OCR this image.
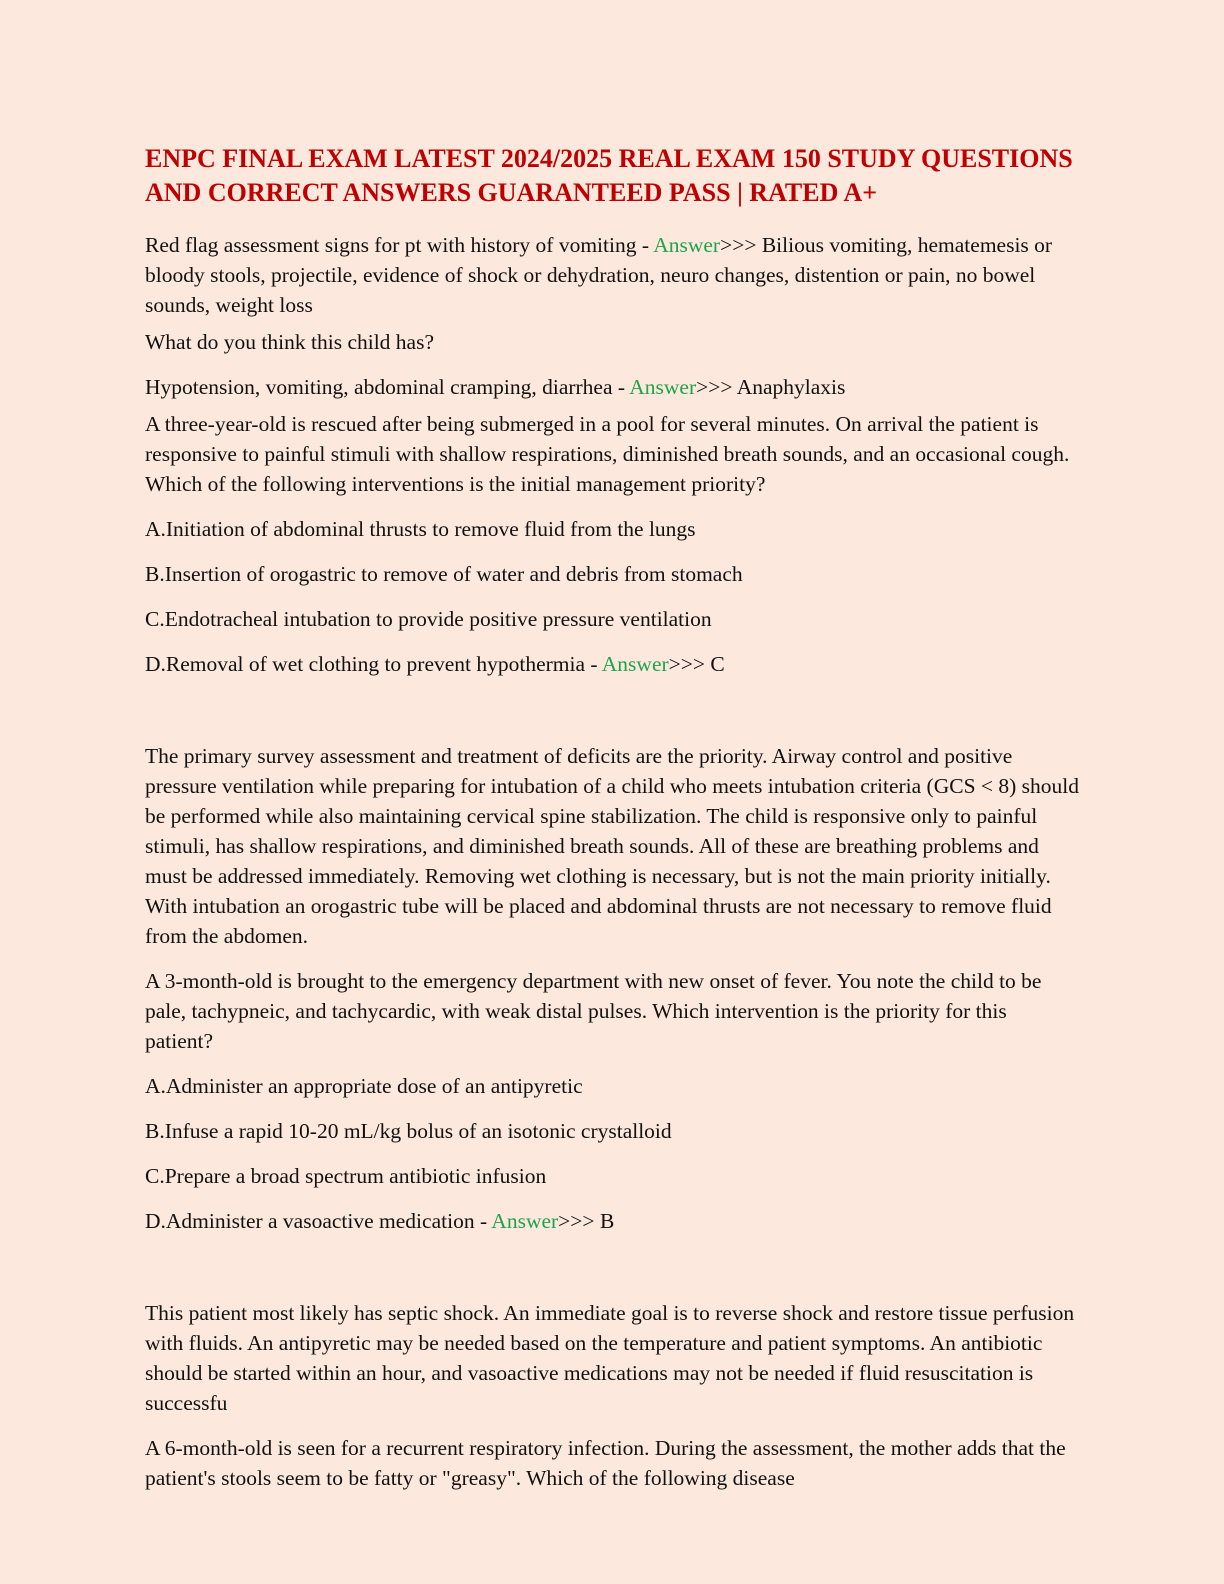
ENPC FINAL EXAM LATEST 2024/2025 REAL EXAM 150 STUDY QUESTIONS AND CORRECT ANSWERS GUARANTEED PASS | RATED A+

Red flag assessment signs for pt with history of vomiting - Answer>>> Bilious vomiting, hematemesis or bloody stools, projectile, evidence of shock or dehydration, neuro changes, distention or pain, no bowel sounds, weight loss

What do you think this child has?

Hypotension, vomiting, abdominal cramping, diarrhea - Answer>>> Anaphylaxis

A three-year-old is rescued after being submerged in a pool for several minutes. On arrival the patient is responsive to painful stimuli with shallow respirations, diminished breath sounds, and an occasional cough. Which of the following interventions is the initial management priority?

A.Initiation of abdominal thrusts to remove fluid from the lungs

B.Insertion of orogastric to remove of water and debris from stomach

C.Endotracheal intubation to provide positive pressure ventilation

D.Removal of wet clothing to prevent hypothermia - Answer>>> C

The primary survey assessment and treatment of deficits are the priority. Airway control and positive pressure ventilation while preparing for intubation of a child who meets intubation criteria (GCS < 8) should be performed while also maintaining cervical spine stabilization. The child is responsive only to painful stimuli, has shallow respirations, and diminished breath sounds. All of these are breathing problems and must be addressed immediately. Removing wet clothing is necessary, but is not the main priority initially. With intubation an orogastric tube will be placed and abdominal thrusts are not necessary to remove fluid from the abdomen.

A 3-month-old is brought to the emergency department with new onset of fever. You note the child to be pale, tachypneic, and tachycardic, with weak distal pulses. Which intervention is the priority for this patient?

A.Administer an appropriate dose of an antipyretic

B.Infuse a rapid 10-20 mL/kg bolus of an isotonic crystalloid

C.Prepare a broad spectrum antibiotic infusion

D.Administer a vasoactive medication - Answer>>> B

This patient most likely has septic shock. An immediate goal is to reverse shock and restore tissue perfusion with fluids. An antipyretic may be needed based on the temperature and patient symptoms. An antibiotic should be started within an hour, and vasoactive medications may not be needed if fluid resuscitation is successfu

A 6-month-old is seen for a recurrent respiratory infection. During the assessment, the mother adds that the patient's stools seem to be fatty or "greasy". Which of the following disease
